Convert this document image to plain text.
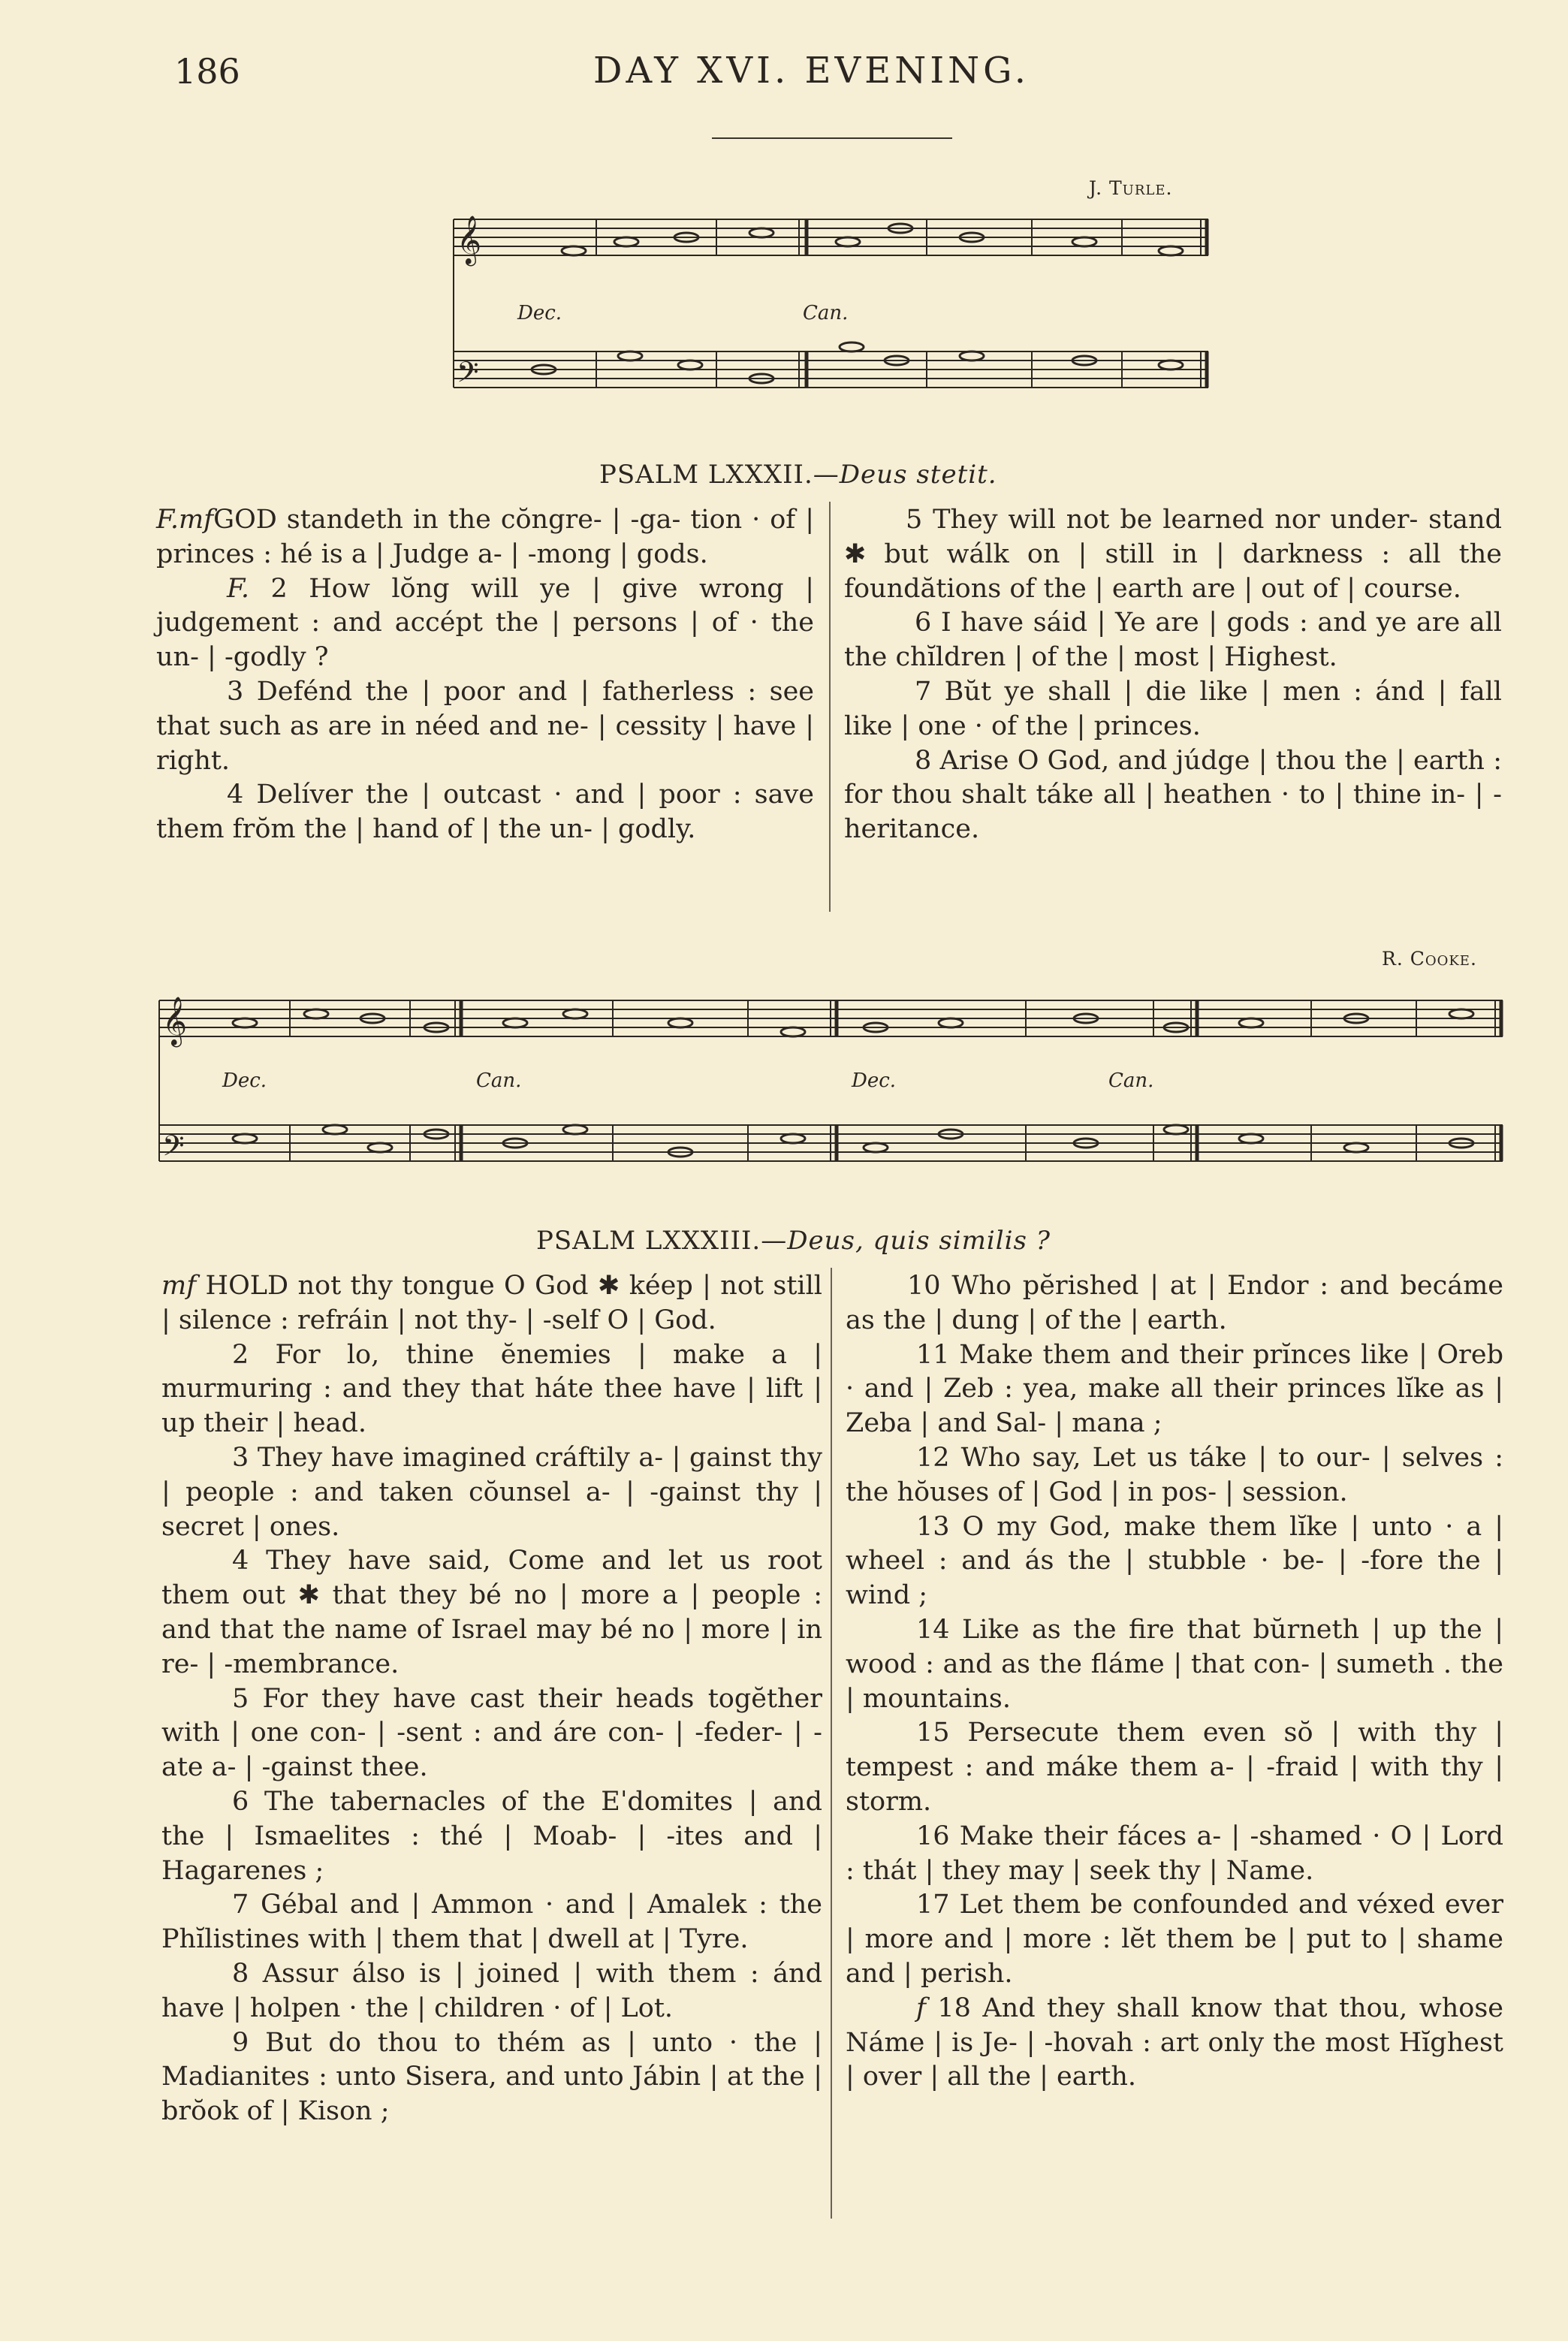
186	DAY XVI. EVENING.
J. Turle.
𝄞
𝄢
Dec.	Can.
PSALM LXXXII.—Deus stetit.

F.mfGOD standeth in the cŏngre- | -ga- tion · of | princes : hé is a | Judge a- | -mong | gods.

F. 2 How lŏng will ye | give wrong | judgement : and accépt the | persons | of · the un- | -godly ?

3 Defénd the | poor and | fatherless : see that such as are in néed and ne- | cessity | have | right.

4 Delíver the | outcast · and | poor : save them frŏm the | hand of | the un- | godly.

5 They will not be learned nor under- stand ✱ but wálk on | still in | darkness : all the foundătions of the | earth are | out of | course.

6 I have sáid | Ye are | gods : and ye are all the chĭldren | of the | most | Highest.

7 Bŭt ye shall | die like | men : ánd | fall like | one · of the | princes.

8 Arise O God, and júdge | thou the | earth : for thou shalt táke all | heathen · to | thine in- | -heritance.

R. Cooke.
𝄞
𝄢
Dec.	Can.	Dec.	Can.
PSALM LXXXIII.—Deus, quis similis ?

mf HOLD not thy tongue O God ✱ kéep | not still | silence : refráin | not thy- | -self O | God.

2 For lo, thine ĕnemies | make a | murmuring : and they that háte thee have | lift | up their | head.

3 They have imagined cráftily a- | gainst thy | people : and taken cŏunsel a- | -gainst thy | secret | ones.

4 They have said, Come and let us root them out ✱ that they bé no | more a | people : and that the name of Israel may bé no | more | in re- | -membrance.

5 For they have cast their heads togĕther with | one con- | -sent : and áre con- | -feder- | -ate a- | -gainst thee.

6 The tabernacles of the Eˈdomites | and the | Ismaelites : thé | Moab- | -ites and | Hagarenes ;

7 Gébal and | Ammon · and | Amalek : the Phĭlistines with | them that | dwell at | Tyre.

8 Assur álso is | joined | with them : ánd have | holpen · the | children · of | Lot.

9 But do thou to thém as | unto · the | Madianites : unto Sisera, and unto Jábin | at the | brŏok of | Kison ;

10 Who pĕrished | at | Endor : and becáme as the | dung | of the | earth.

11 Make them and their prĭnces like | Oreb · and | Zeb : yea, make all their princes lĭke as | Zeba | and Sal- | mana ;

12 Who say, Let us táke | to our- | selves : the hŏuses of | God | in pos- | session.

13 O my God, make them lĭke | unto · a | wheel : and ás the | stubble · be- | -fore the | wind ;

14 Like as the fire that bŭrneth | up the | wood : and as the fláme | that con- | sumeth . the | mountains.

15 Persecute them even sŏ | with thy | tempest : and máke them a- | -fraid | with thy | storm.

16 Make their fáces a- | -shamed · O | Lord : thát | they may | seek thy | Name.

17 Let them be confounded and véxed ever | more and | more : lĕt them be | put to | shame and | perish.

f 18 And they shall know that thou, whose Náme | is Je- | -hovah : art only the most Hĭghest | over | all the | earth.
